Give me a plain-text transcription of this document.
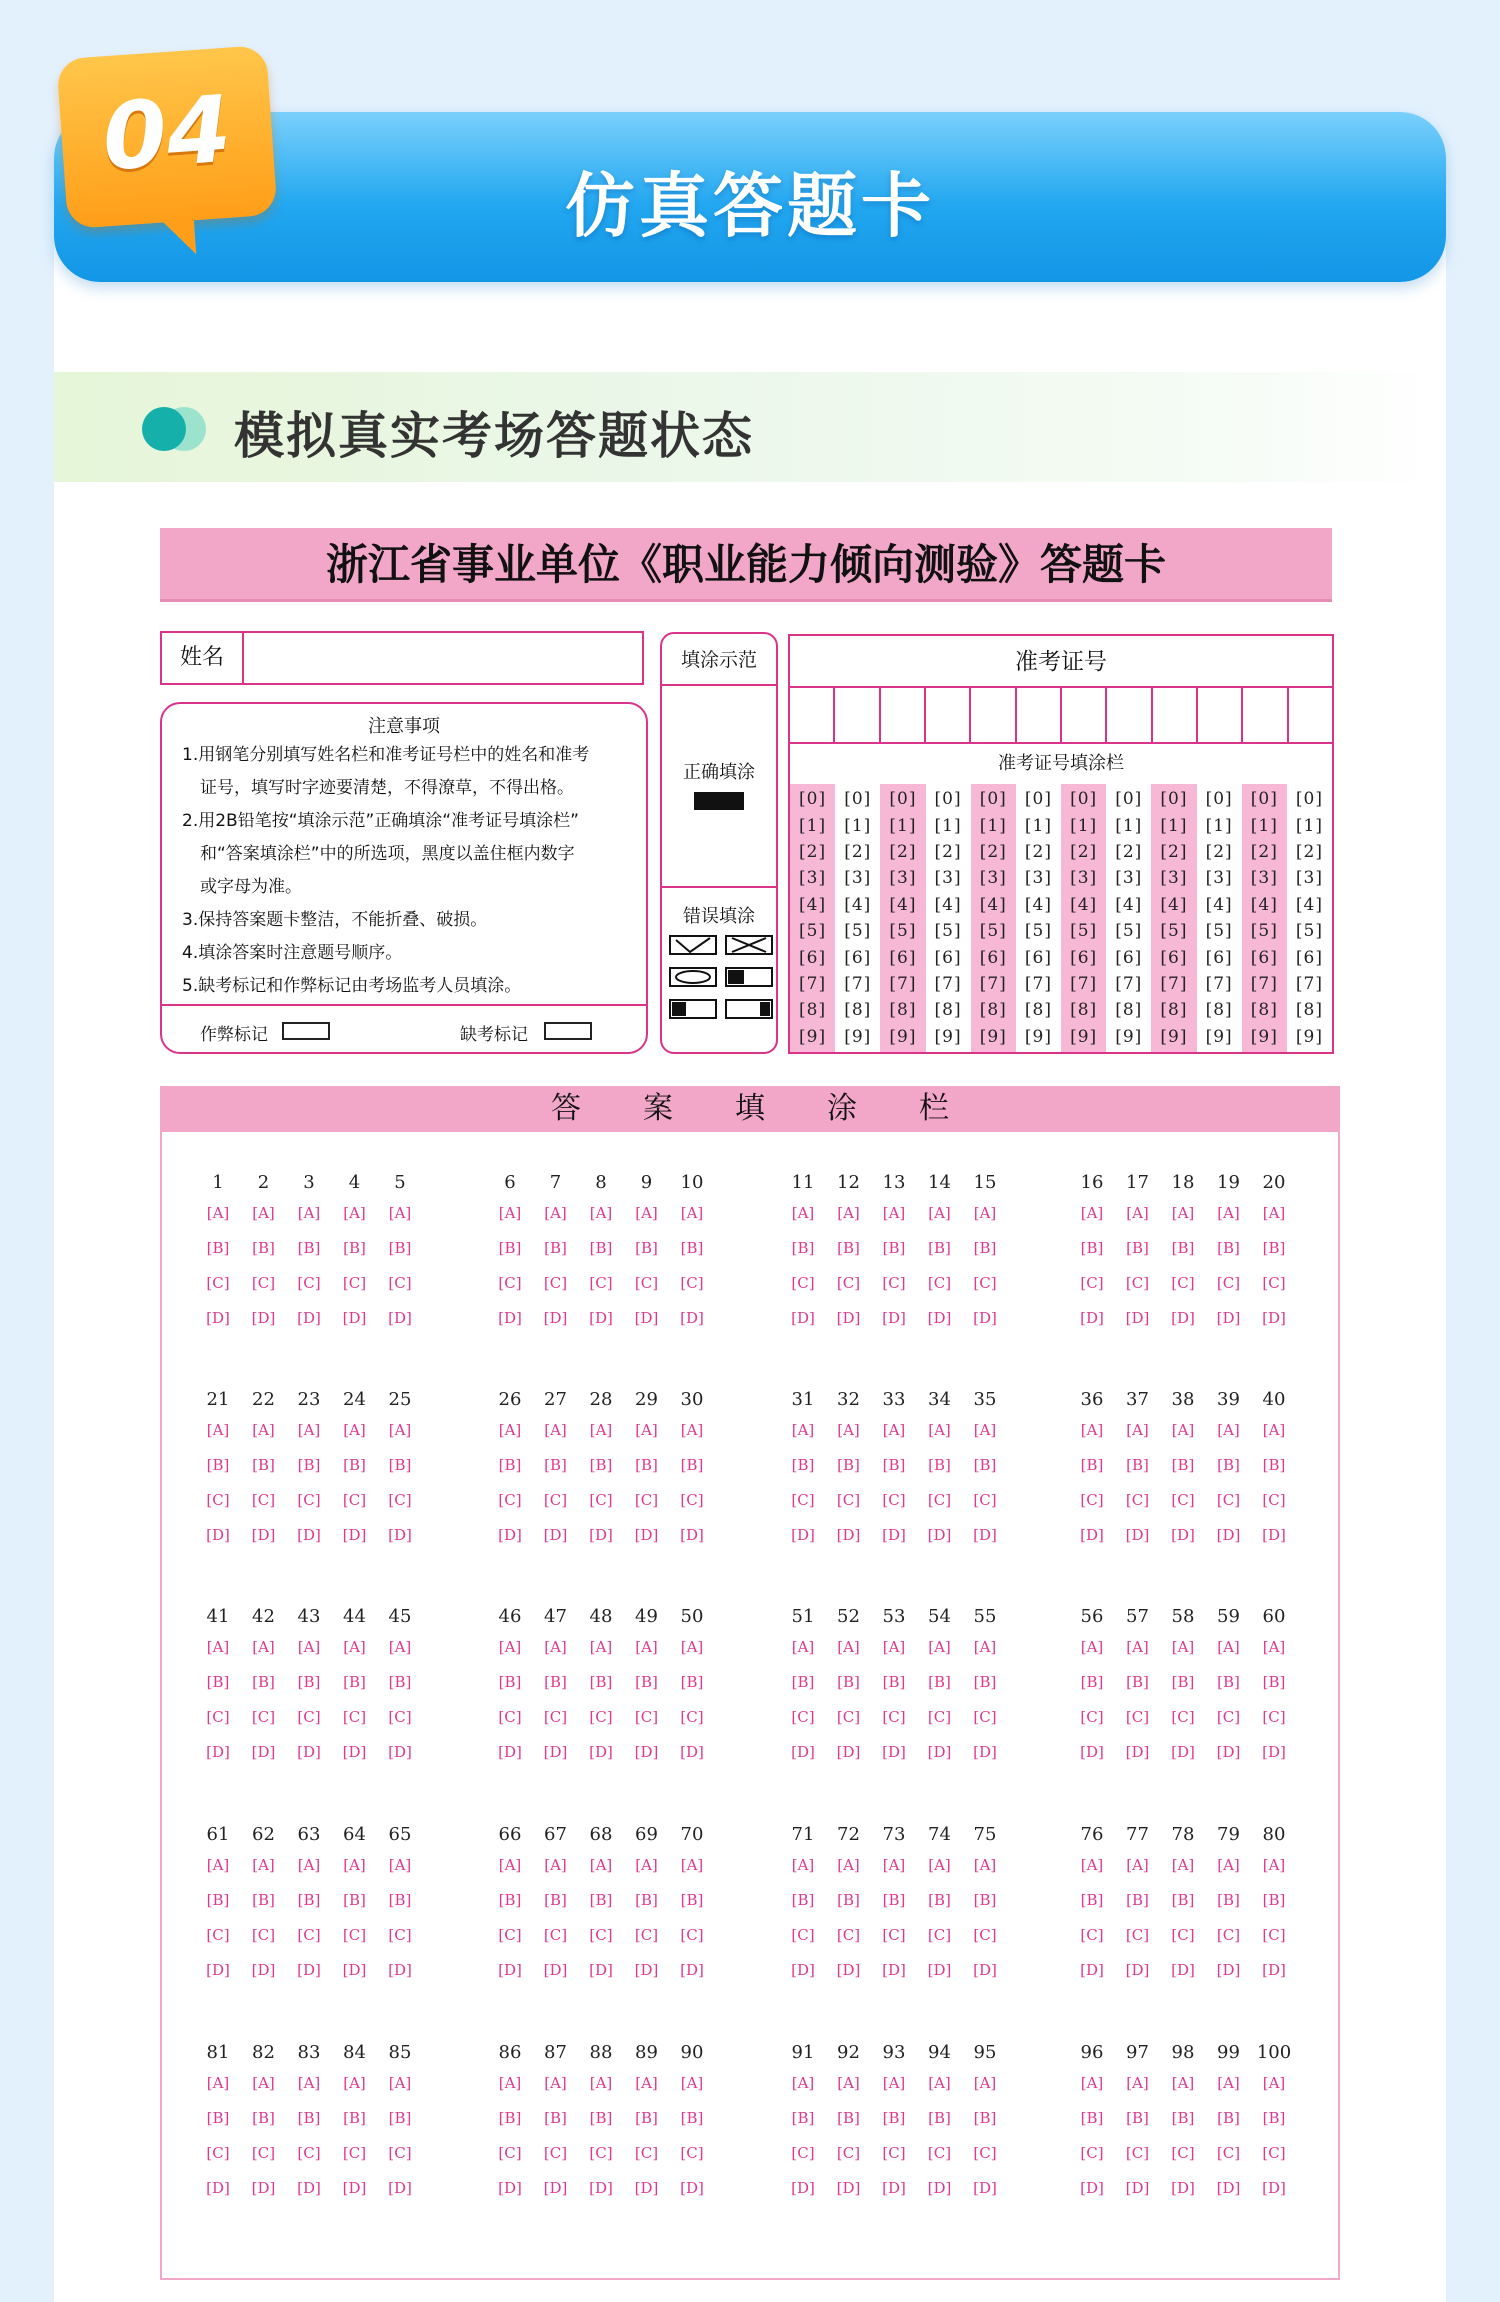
仿真答题卡
04
模拟真实考场答题状态
浙江省事业单位《职业能力倾向测验》答题卡
姓名
注意事项
1.用钢笔分别填写姓名栏和准考证号栏中的姓名和准考
证号，填写时字迹要清楚，不得潦草，不得出格。
2.用2B铅笔按“填涂示范”正确填涂“准考证号填涂栏”
和“答案填涂栏”中的所选项，黑度以盖住框内数字
或字母为准。
3.保持答案题卡整洁，不能折叠、破损。
4.填涂答案时注意题号顺序。
5.缺考标记和作弊标记由考场监考人员填涂。
作弊标记	缺考标记
填涂示范
正确填涂
错误填涂
准考证号
准考证号填涂栏
[0]
[1]
[2]
[3]
[4]
[5]
[6]
[7]
[8]
[9]
[0]
[1]
[2]
[3]
[4]
[5]
[6]
[7]
[8]
[9]
[0]
[1]
[2]
[3]
[4]
[5]
[6]
[7]
[8]
[9]
[0]
[1]
[2]
[3]
[4]
[5]
[6]
[7]
[8]
[9]
[0]
[1]
[2]
[3]
[4]
[5]
[6]
[7]
[8]
[9]
[0]
[1]
[2]
[3]
[4]
[5]
[6]
[7]
[8]
[9]
[0]
[1]
[2]
[3]
[4]
[5]
[6]
[7]
[8]
[9]
[0]
[1]
[2]
[3]
[4]
[5]
[6]
[7]
[8]
[9]
[0]
[1]
[2]
[3]
[4]
[5]
[6]
[7]
[8]
[9]
[0]
[1]
[2]
[3]
[4]
[5]
[6]
[7]
[8]
[9]
[0]
[1]
[2]
[3]
[4]
[5]
[6]
[7]
[8]
[9]
[0]
[1]
[2]
[3]
[4]
[5]
[6]
[7]
[8]
[9]
答案填涂栏
1
[A]
[B]
[C]
[D]
2
[A]
[B]
[C]
[D]
3
[A]
[B]
[C]
[D]
4
[A]
[B]
[C]
[D]
5
[A]
[B]
[C]
[D]
6
[A]
[B]
[C]
[D]
7
[A]
[B]
[C]
[D]
8
[A]
[B]
[C]
[D]
9
[A]
[B]
[C]
[D]
10
[A]
[B]
[C]
[D]
11
[A]
[B]
[C]
[D]
12
[A]
[B]
[C]
[D]
13
[A]
[B]
[C]
[D]
14
[A]
[B]
[C]
[D]
15
[A]
[B]
[C]
[D]
16
[A]
[B]
[C]
[D]
17
[A]
[B]
[C]
[D]
18
[A]
[B]
[C]
[D]
19
[A]
[B]
[C]
[D]
20
[A]
[B]
[C]
[D]
21
[A]
[B]
[C]
[D]
22
[A]
[B]
[C]
[D]
23
[A]
[B]
[C]
[D]
24
[A]
[B]
[C]
[D]
25
[A]
[B]
[C]
[D]
26
[A]
[B]
[C]
[D]
27
[A]
[B]
[C]
[D]
28
[A]
[B]
[C]
[D]
29
[A]
[B]
[C]
[D]
30
[A]
[B]
[C]
[D]
31
[A]
[B]
[C]
[D]
32
[A]
[B]
[C]
[D]
33
[A]
[B]
[C]
[D]
34
[A]
[B]
[C]
[D]
35
[A]
[B]
[C]
[D]
36
[A]
[B]
[C]
[D]
37
[A]
[B]
[C]
[D]
38
[A]
[B]
[C]
[D]
39
[A]
[B]
[C]
[D]
40
[A]
[B]
[C]
[D]
41
[A]
[B]
[C]
[D]
42
[A]
[B]
[C]
[D]
43
[A]
[B]
[C]
[D]
44
[A]
[B]
[C]
[D]
45
[A]
[B]
[C]
[D]
46
[A]
[B]
[C]
[D]
47
[A]
[B]
[C]
[D]
48
[A]
[B]
[C]
[D]
49
[A]
[B]
[C]
[D]
50
[A]
[B]
[C]
[D]
51
[A]
[B]
[C]
[D]
52
[A]
[B]
[C]
[D]
53
[A]
[B]
[C]
[D]
54
[A]
[B]
[C]
[D]
55
[A]
[B]
[C]
[D]
56
[A]
[B]
[C]
[D]
57
[A]
[B]
[C]
[D]
58
[A]
[B]
[C]
[D]
59
[A]
[B]
[C]
[D]
60
[A]
[B]
[C]
[D]
61
[A]
[B]
[C]
[D]
62
[A]
[B]
[C]
[D]
63
[A]
[B]
[C]
[D]
64
[A]
[B]
[C]
[D]
65
[A]
[B]
[C]
[D]
66
[A]
[B]
[C]
[D]
67
[A]
[B]
[C]
[D]
68
[A]
[B]
[C]
[D]
69
[A]
[B]
[C]
[D]
70
[A]
[B]
[C]
[D]
71
[A]
[B]
[C]
[D]
72
[A]
[B]
[C]
[D]
73
[A]
[B]
[C]
[D]
74
[A]
[B]
[C]
[D]
75
[A]
[B]
[C]
[D]
76
[A]
[B]
[C]
[D]
77
[A]
[B]
[C]
[D]
78
[A]
[B]
[C]
[D]
79
[A]
[B]
[C]
[D]
80
[A]
[B]
[C]
[D]
81
[A]
[B]
[C]
[D]
82
[A]
[B]
[C]
[D]
83
[A]
[B]
[C]
[D]
84
[A]
[B]
[C]
[D]
85
[A]
[B]
[C]
[D]
86
[A]
[B]
[C]
[D]
87
[A]
[B]
[C]
[D]
88
[A]
[B]
[C]
[D]
89
[A]
[B]
[C]
[D]
90
[A]
[B]
[C]
[D]
91
[A]
[B]
[C]
[D]
92
[A]
[B]
[C]
[D]
93
[A]
[B]
[C]
[D]
94
[A]
[B]
[C]
[D]
95
[A]
[B]
[C]
[D]
96
[A]
[B]
[C]
[D]
97
[A]
[B]
[C]
[D]
98
[A]
[B]
[C]
[D]
99
[A]
[B]
[C]
[D]
100
[A]
[B]
[C]
[D]
